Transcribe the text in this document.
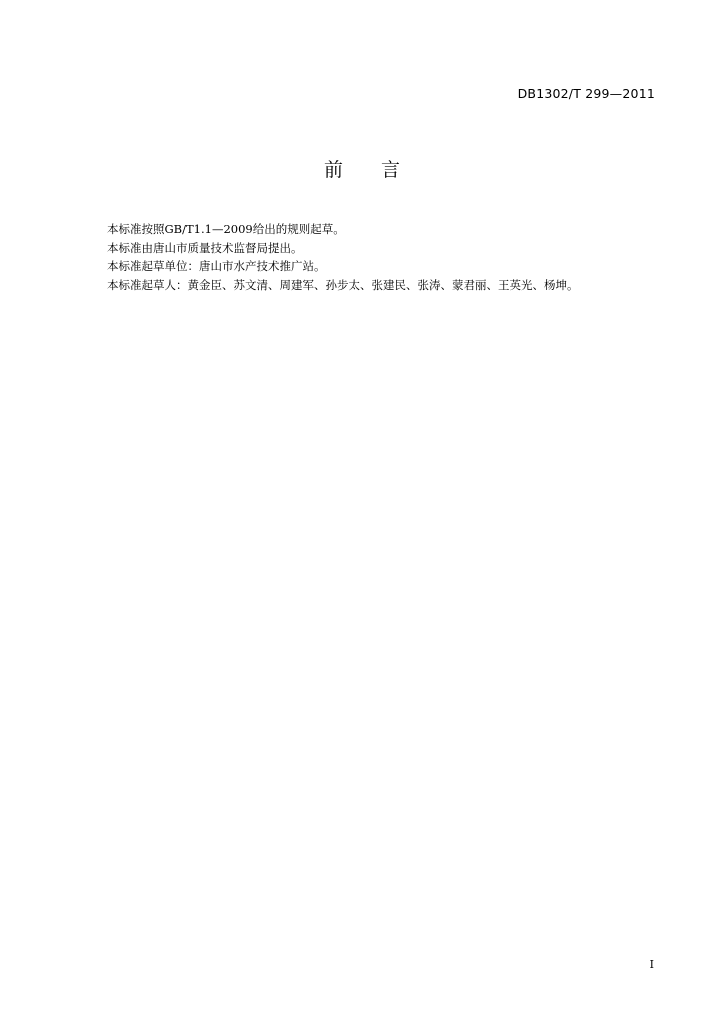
DB1302/T 299—2011
前 言

本标准按照GB/T1.1—2009给出的规则起草。

本标准由唐山市质量技术监督局提出。

本标准起草单位：唐山市水产技术推广站。

本标准起草人：黄金臣、苏文清、周建军、孙步太、张建民、张涛、蒙君丽、王英光、杨坤。

I
